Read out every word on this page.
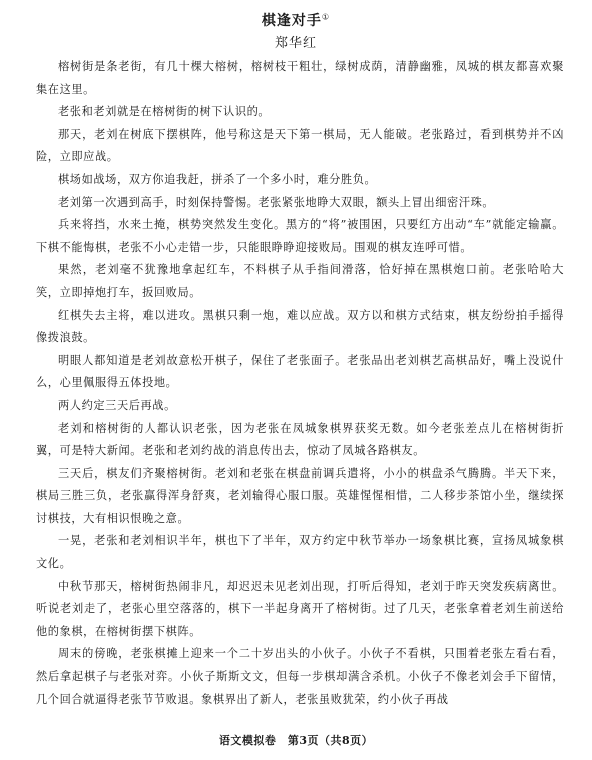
棋逢对手①
郑华红

榕树街是条老街，有几十棵大榕树，榕树枝干粗壮，绿树成荫，清静幽雅，凤城的棋友都喜欢聚集在这里。

老张和老刘就是在榕树街的树下认识的。

那天，老刘在树底下摆棋阵，他号称这是天下第一棋局，无人能破。老张路过，看到棋势并不凶险，立即应战。

棋场如战场，双方你追我赶，拼杀了一个多小时，难分胜负。

老刘第一次遇到高手，时刻保持警惕。老张紧张地睁大双眼，额头上冒出细密汗珠。

兵来将挡，水来土掩，棋势突然发生变化。黑方的“将”被围困，只要红方出动“车”就能定输赢。下棋不能悔棋，老张不小心走错一步，只能眼睁睁迎接败局。围观的棋友连呼可惜。

果然，老刘毫不犹豫地拿起红车，不料棋子从手指间滑落，恰好掉在黑棋炮口前。老张哈哈大笑，立即掉炮打车，扳回败局。

红棋失去主将，难以进攻。黑棋只剩一炮，难以应战。双方以和棋方式结束，棋友纷纷拍手摇得像拨浪鼓。

明眼人都知道是老刘故意松开棋子，保住了老张面子。老张品出老刘棋艺高棋品好，嘴上没说什么，心里佩服得五体投地。

两人约定三天后再战。

老刘和榕树街的人都认识老张，因为老张在凤城象棋界获奖无数。如今老张差点儿在榕树街折翼，可是特大新闻。老张和老刘约战的消息传出去，惊动了凤城各路棋友。

三天后，棋友们齐聚榕树街。老刘和老张在棋盘前调兵遣将，小小的棋盘杀气腾腾。半天下来，棋局三胜三负，老张赢得浑身舒爽，老刘输得心服口服。英雄惺惺相惜，二人移步茶馆小坐，继续探讨棋技，大有相识恨晚之意。

一晃，老张和老刘相识半年，棋也下了半年，双方约定中秋节举办一场象棋比赛，宣扬凤城象棋文化。

中秋节那天，榕树街热闹非凡，却迟迟未见老刘出现，打听后得知，老刘于昨天突发疾病离世。听说老刘走了，老张心里空落落的，棋下一半起身离开了榕树街。过了几天，老张拿着老刘生前送给他的象棋，在榕树街摆下棋阵。

周末的傍晚，老张棋摊上迎来一个二十岁出头的小伙子。小伙子不看棋，只围着老张左看右看，然后拿起棋子与老张对弈。小伙子斯斯文文，但每一步棋却满含杀机。小伙子不像老刘会手下留情，几个回合就逼得老张节节败退。象棋界出了新人，老张虽败犹荣，约小伙子再战

语文模拟卷　第3页（共8页）
